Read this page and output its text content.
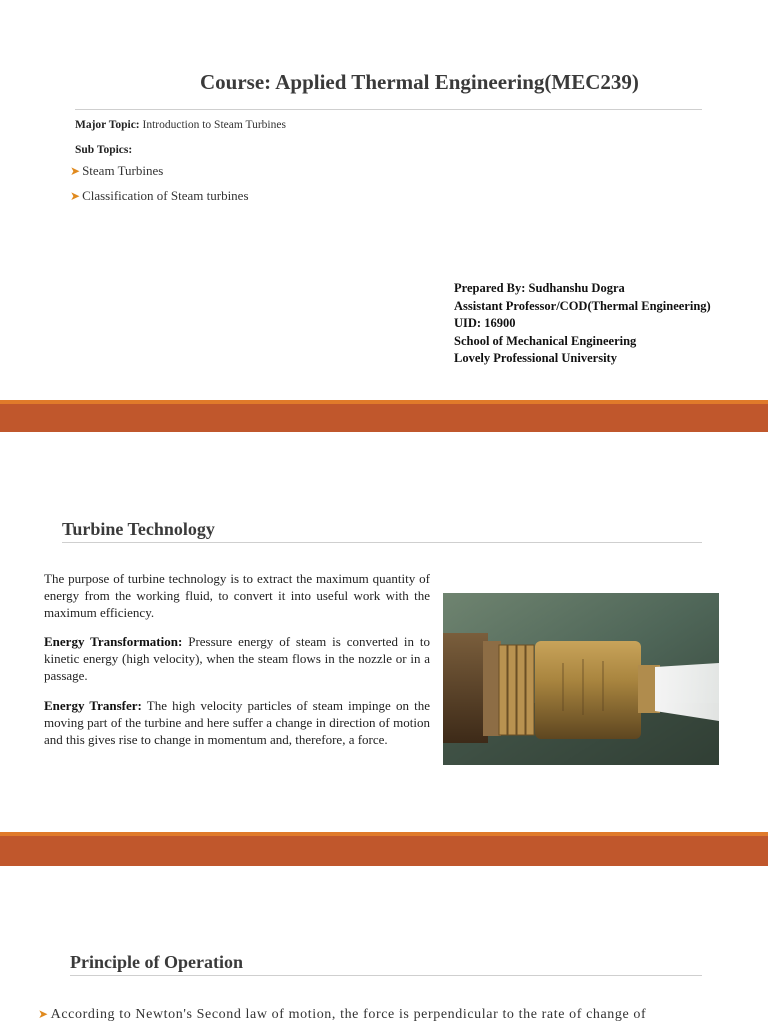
Course: Applied Thermal Engineering(MEC239)
Major Topic: Introduction to Steam Turbines
Sub Topics:
➤ Steam Turbines
➤ Classification of Steam turbines
Prepared By: Sudhanshu Dogra
Assistant Professor/COD(Thermal Engineering)
UID: 16900
School of Mechanical Engineering
Lovely Professional University
Turbine Technology

The purpose of turbine technology is to extract the maximum quantity of energy from the working fluid, to convert it into useful work with the maximum efficiency.

Energy Transformation: Pressure energy of steam is converted in to kinetic energy (high velocity), when the steam flows in the nozzle or in a passage.

Energy Transfer: The high velocity particles of steam impinge on the moving part of the turbine and here suffer a change in direction of motion and this gives rise to change in momentum and, therefore, a force.

Principle of Operation
➤ According to Newton's Second law of motion, the force is perpendicular to the rate of change of
